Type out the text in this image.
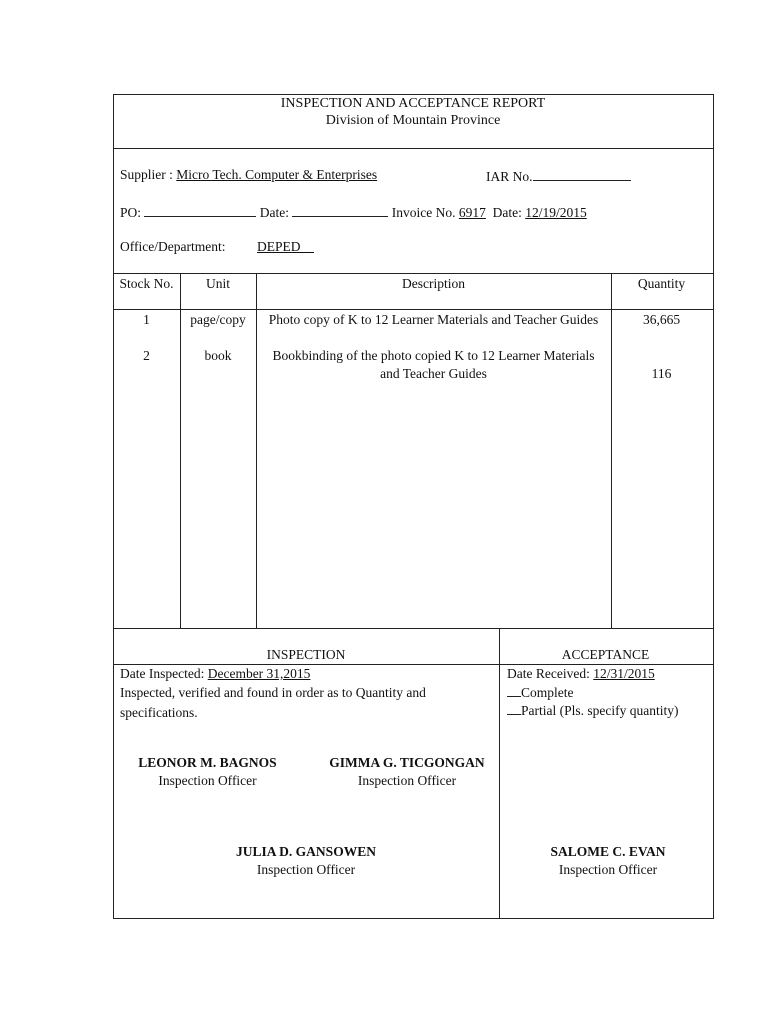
INSPECTION AND ACCEPTANCE REPORT
Division of Mountain Province
Supplier : Micro Tech. Computer & Enterprises	IAR No.
PO:	Date:	Invoice No. 6917 Date: 12/19/2015
Office/Department: DEPED
Stock No.	Unit	Description	Quantity
1	page/copy	Photo copy of K to 12 Learner Materials and Teacher Guides	36,665
2	book	Bookbinding of the photo copied K to 12 Learner Materials and Teacher Guides	116
INSPECTION	ACCEPTANCE
Date Inspected: December 31,2015
Inspected, verified and found in order as to Quantity and specifications.
LEONOR M. BAGNOS
Inspection Officer
GIMMA G. TICGONGAN
Inspection Officer
JULIA D. GANSOWEN
Inspection Officer
Date Received: 12/31/2015
Complete
Partial (Pls. specify quantity)
SALOME C. EVAN
Inspection Officer
